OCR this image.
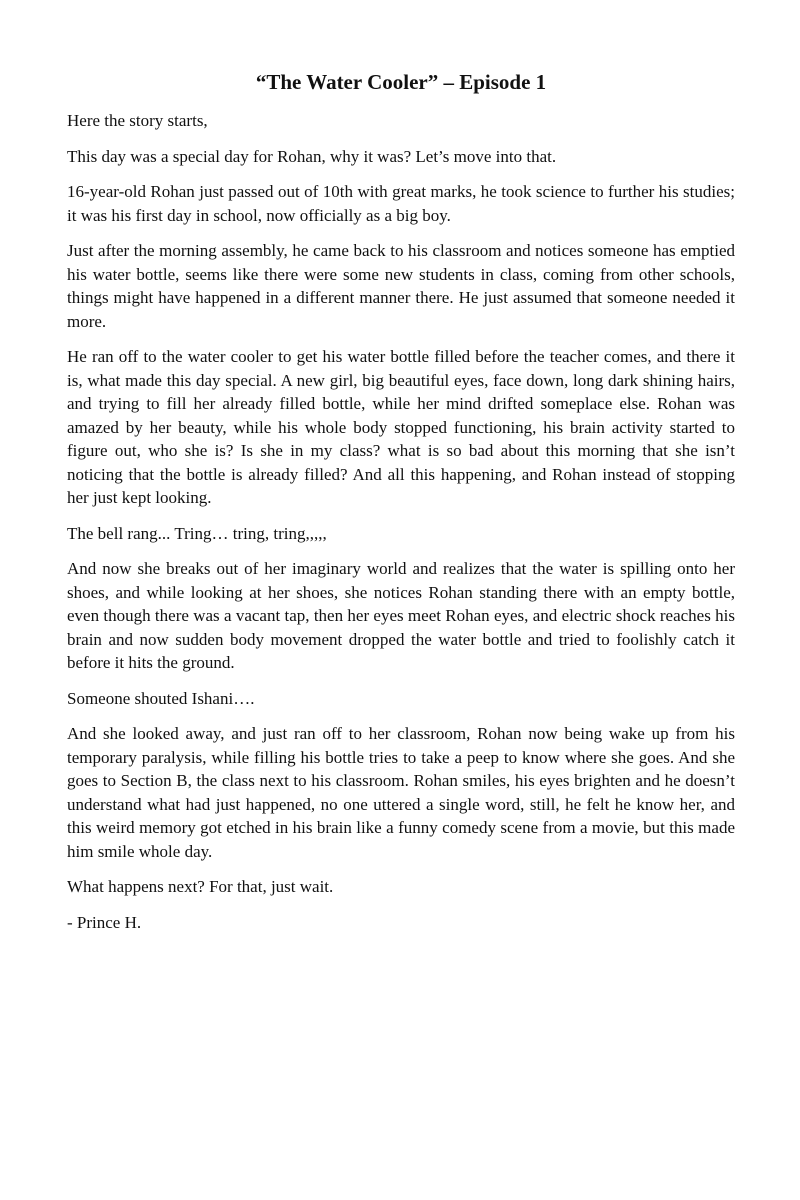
“The Water Cooler” – Episode 1

Here the story starts,

This day was a special day for Rohan, why it was? Let’s move into that.

16-year-old Rohan just passed out of 10th with great marks, he took science to further his studies; it was his first day in school, now officially as a big boy.

Just after the morning assembly, he came back to his classroom and notices someone has emptied his water bottle, seems like there were some new students in class, coming from other schools, things might have happened in a different manner there. He just assumed that someone needed it more.

He ran off to the water cooler to get his water bottle filled before the teacher comes, and there it is, what made this day special. A new girl, big beautiful eyes, face down, long dark shining hairs, and trying to fill her already filled bottle, while her mind drifted someplace else. Rohan was amazed by her beauty, while his whole body stopped functioning, his brain activity started to figure out, who she is? Is she in my class? what is so bad about this morning that she isn’t noticing that the bottle is already filled? And all this happening, and Rohan instead of stopping her just kept looking.

The bell rang... Tring… tring, tring,,,,,

And now she breaks out of her imaginary world and realizes that the water is spilling onto her shoes, and while looking at her shoes, she notices Rohan standing there with an empty bottle, even though there was a vacant tap, then her eyes meet Rohan eyes, and electric shock reaches his brain and now sudden body movement dropped the water bottle and tried to foolishly catch it before it hits the ground.

Someone shouted Ishani….

And she looked away, and just ran off to her classroom, Rohan now being wake up from his temporary paralysis, while filling his bottle tries to take a peep to know where she goes. And she goes to Section B, the class next to his classroom. Rohan smiles, his eyes brighten and he doesn’t understand what had just happened, no one uttered a single word, still, he felt he know her, and this weird memory got etched in his brain like a funny comedy scene from a movie, but this made him smile whole day.

What happens next? For that, just wait.

- Prince H.
